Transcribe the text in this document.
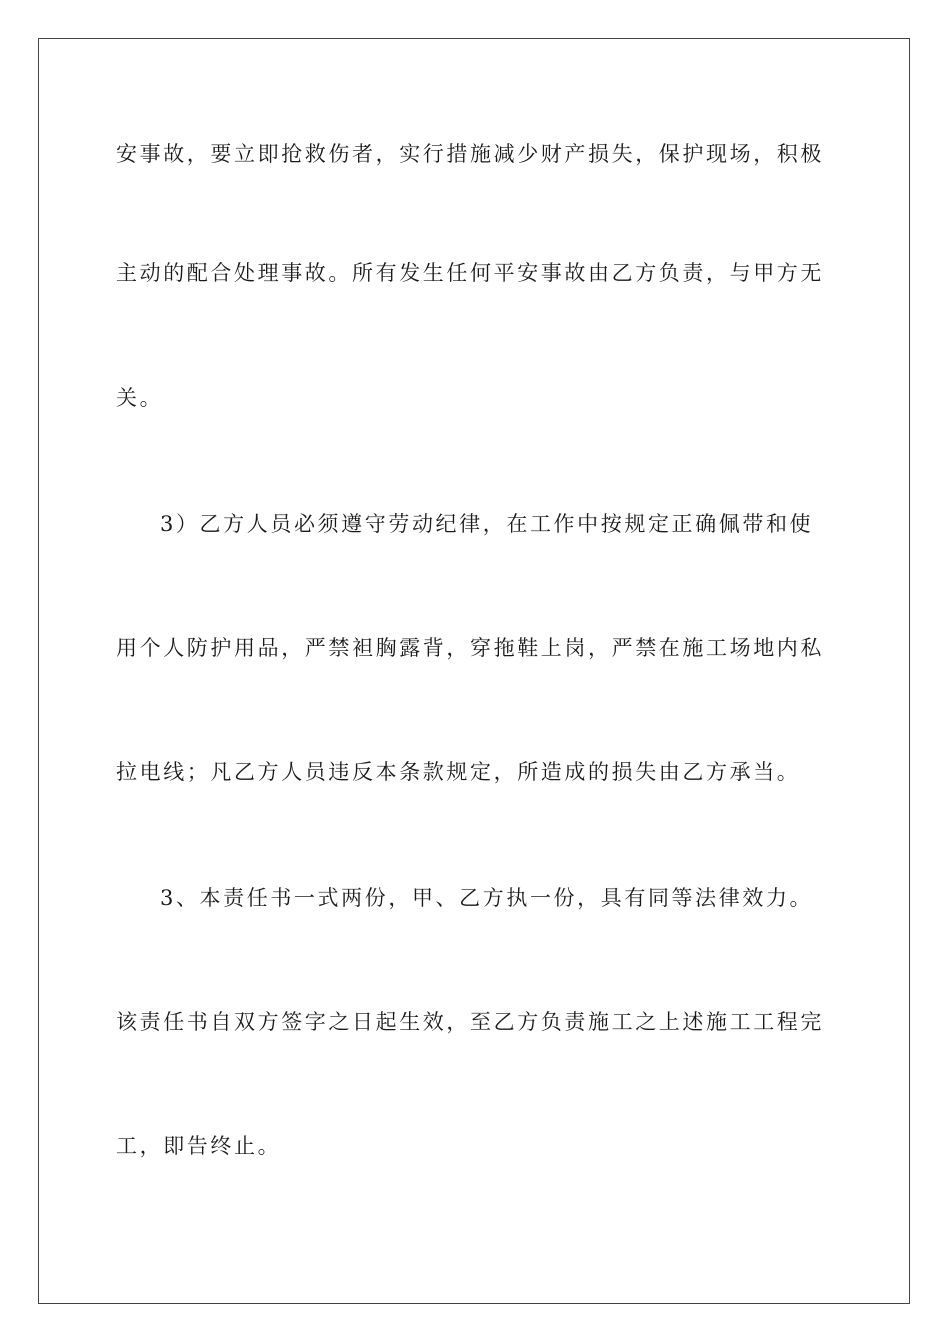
安事故，要立即抢救伤者，实行措施减少财产损失，保护现场，积极

主动的配合处理事故。所有发生任何平安事故由乙方负责，与甲方无

关。

3）乙方人员必须遵守劳动纪律，在工作中按规定正确佩带和使

用个人防护用品，严禁袒胸露背，穿拖鞋上岗，严禁在施工场地内私

拉电线；凡乙方人员违反本条款规定，所造成的损失由乙方承当。

3、本责任书一式两份，甲、乙方执一份，具有同等法律效力。

该责任书自双方签字之日起生效，至乙方负责施工之上述施工工程完

工，即告终止。
